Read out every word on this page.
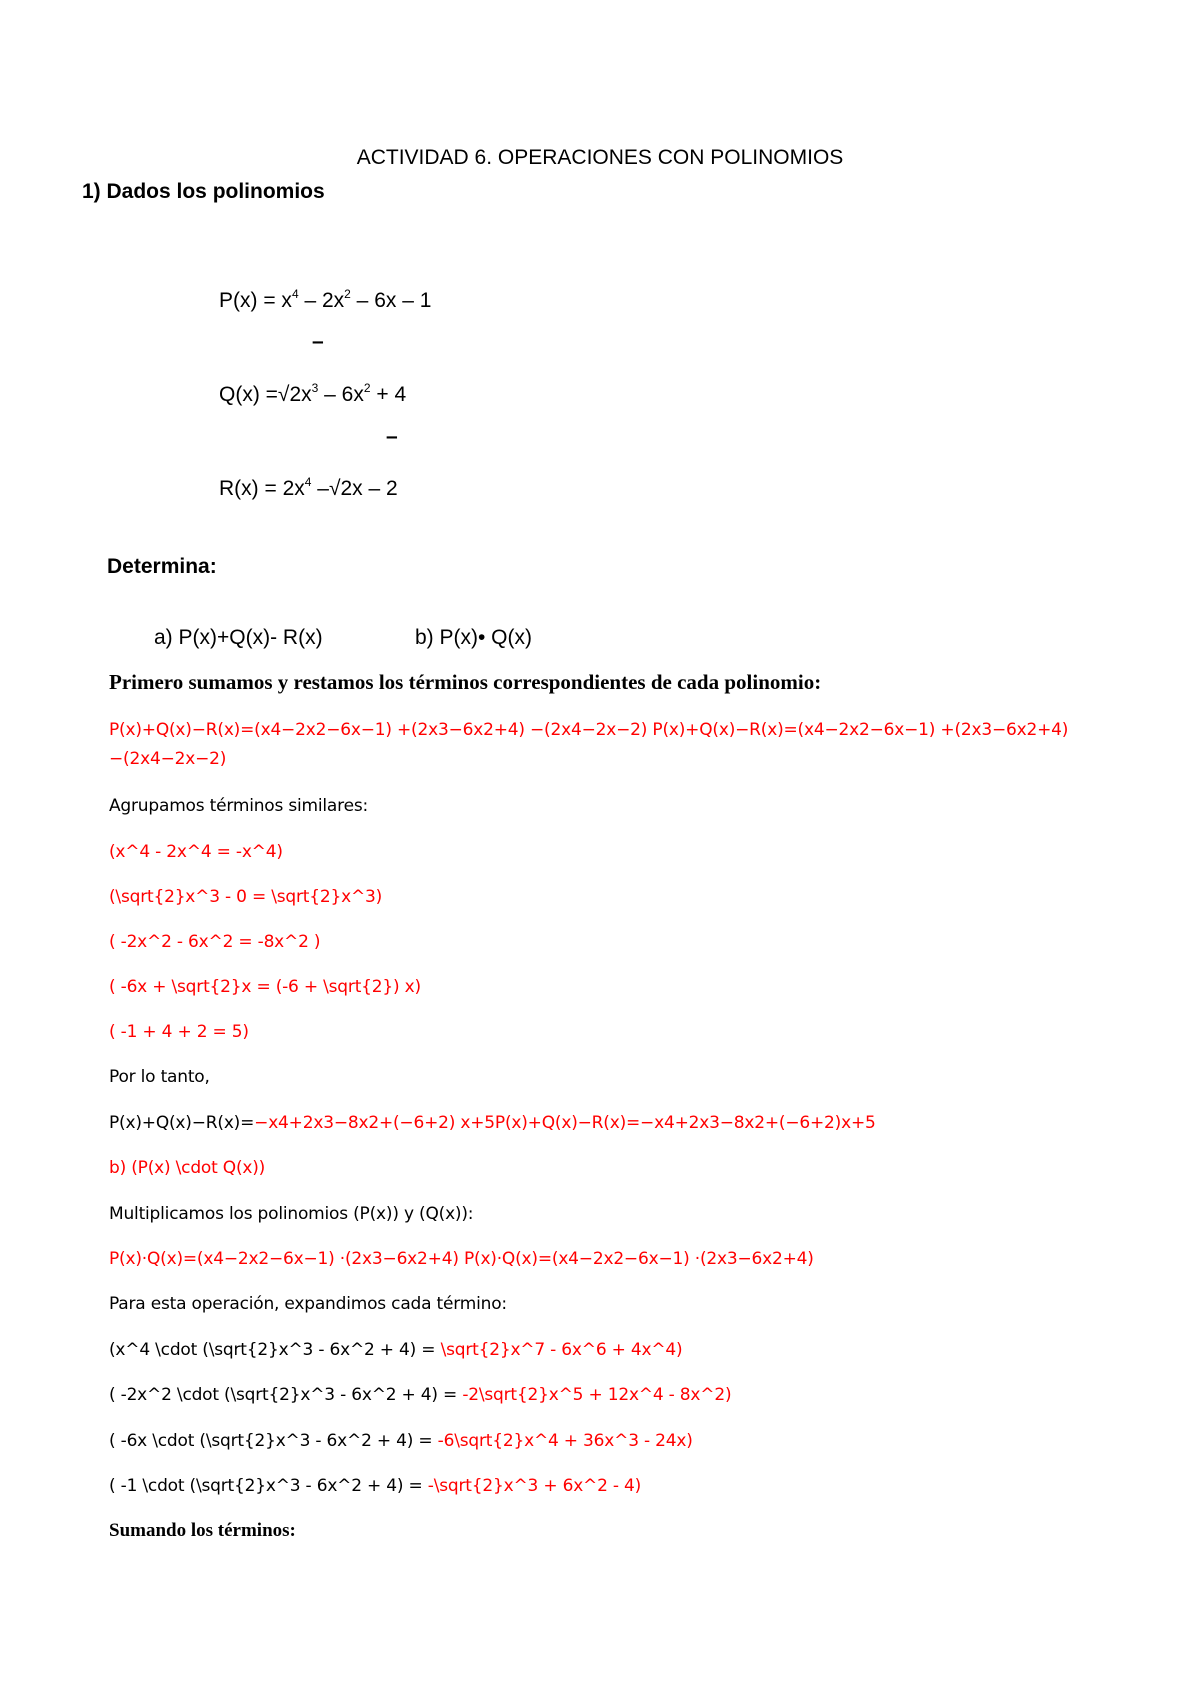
ACTIVIDAD 6. OPERACIONES CON POLINOMIOS
1) Dados los polinomios
$P(x) = x^4 - 2x^2 - 6x - 1$
–
$Q(x) =√2x^3 - 6x^2 + 4$
–
$R(x) = 2x^4$ –√2x – 2
Determina:
a) P(x)+Q(x)- R(x)	b) P(x)• Q(x)
Primero sumamos y restamos los términos correspondientes de cada polinomio:
P(x)+Q(x)−R(x)=(x4−2x2−6x−1) +(2x3−6x2+4) −(2x4−2x−2) P(x)+Q(x)−R(x)=(x4−2x2−6x−1) +(2x3−6x2+4) −(2x4−2x−2)
Agrupamos términos similares:
(x^4 - 2x^4 = -x^4)
(\sqrt{2}x^3 - 0 = \sqrt{2}x^3)
( -2x^2 - 6x^2 = -8x^2 )
( -6x + \sqrt{2}x = (-6 + \sqrt{2}) x)
( -1 + 4 + 2 = 5)
Por lo tanto,
P(x)+Q(x)−R(x)=−x4+2x3−8x2+(−6+2) x+5P(x)+Q(x)−R(x)=−x4+2x3−8x2+(−6+2)x+5
b) (P(x) \cdot Q(x))
Multiplicamos los polinomios (P(x)) y (Q(x)):
P(x)·Q(x)=(x4−2x2−6x−1) ·(2x3−6x2+4) P(x)·Q(x)=(x4−2x2−6x−1) ·(2x3−6x2+4)
Para esta operación, expandimos cada término:
(x^4 \cdot (\sqrt{2}x^3 - 6x^2 + 4) = \sqrt{2}x^7 - 6x^6 + 4x^4)
( -2x^2 \cdot (\sqrt{2}x^3 - 6x^2 + 4) = -2\sqrt{2}x^5 + 12x^4 - 8x^2)
( -6x \cdot (\sqrt{2}x^3 - 6x^2 + 4) = -6\sqrt{2}x^4 + 36x^3 - 24x)
( -1 \cdot (\sqrt{2}x^3 - 6x^2 + 4) = -\sqrt{2}x^3 + 6x^2 - 4)
Sumando los términos:
